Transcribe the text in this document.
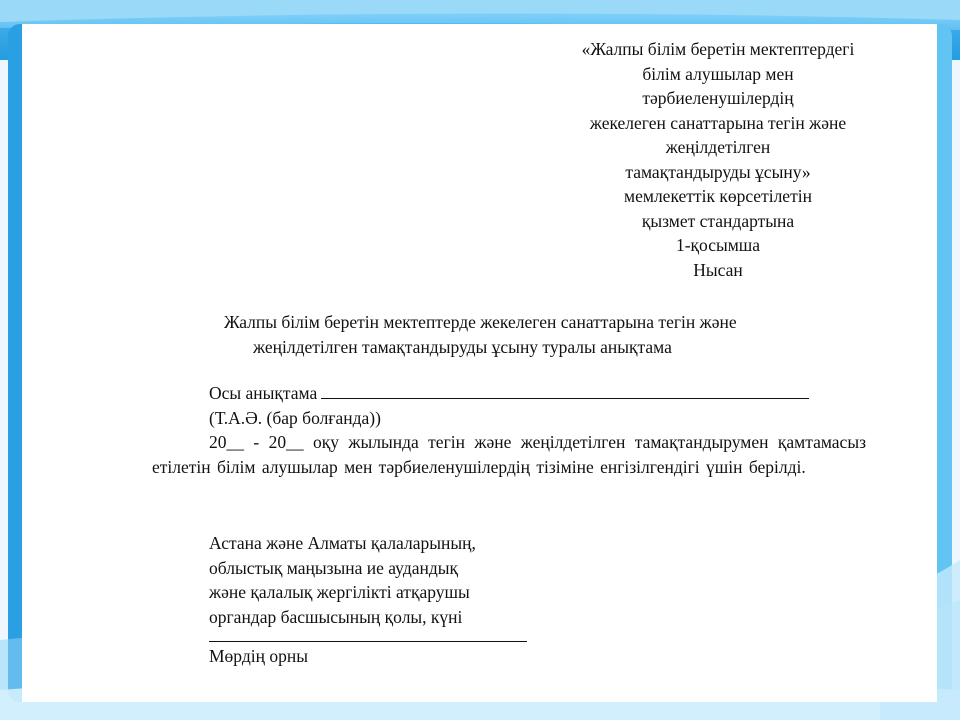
«Жалпы білім беретін мектептердегі
білім алушылар мен
тәрбиеленушілердің
жекелеген санаттарына тегін және
жеңілдетілген
тамақтандыруды ұсыну»
мемлекеттік көрсетілетін
қызмет стандартына
1-қосымша
Нысан
Жалпы білім беретін мектептерде жекелеген санаттарына тегін және
жеңілдетілген тамақтандыруды ұсыну туралы анықтама
Осы анықтама
(Т.А.Ә. (бар болғанда))
20__ - 20__ оқу жылында тегін және жеңілдетілген тамақтандырумен қамтамасыз етілетін білім алушылар мен тәрбиеленушілердің тізіміне енгізілгендігі үшін берілді.
Астана және Алматы қалаларының,
облыстық маңызына ие аудандық
және қалалық жергілікті атқарушы
органдар басшысының қолы, күні
Мөрдің орны
